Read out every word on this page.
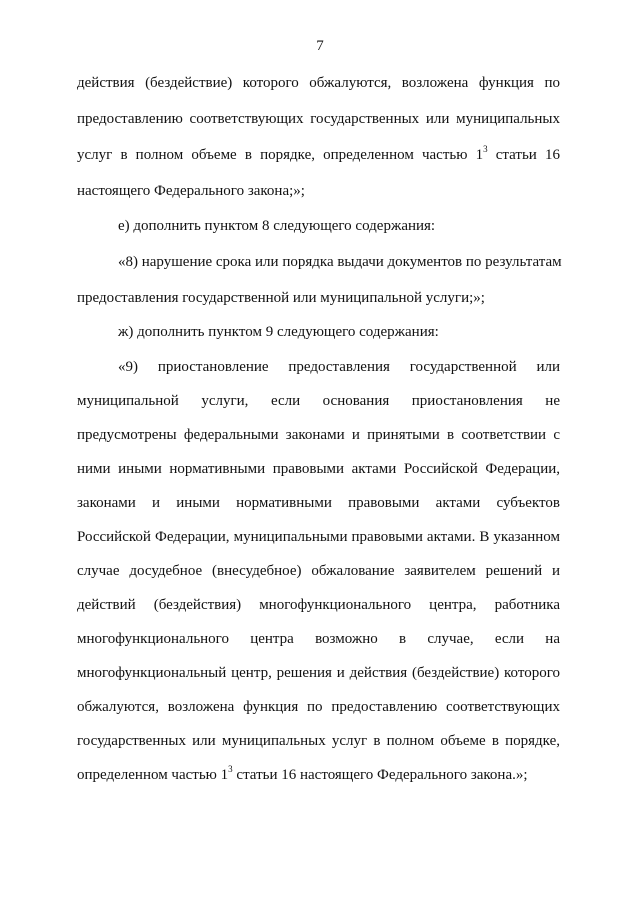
7
действия (бездействие) которого обжалуются, возложена функция по
предоставлению соответствующих государственных или муниципальных
услуг в полном объеме в порядке, определенном частью $1^3$ статьи 16
настоящего Федерального закона;»;
е) дополнить пунктом 8 следующего содержания:
«8) нарушение срока или порядка выдачи документов по результатам
предоставления государственной или муниципальной услуги;»;
ж) дополнить пунктом 9 следующего содержания:
«9) приостановление предоставления государственной или
муниципальной услуги, если основания приостановления не
предусмотрены федеральными законами и принятыми в соответствии с
ними иными нормативными правовыми актами Российской Федерации,
законами и иными нормативными правовыми актами субъектов
Российской Федерации, муниципальными правовыми актами. В указанном
случае досудебное (внесудебное) обжалование заявителем решений и
действий (бездействия) многофункционального центра, работника
многофункционального центра возможно в случае, если на
многофункциональный центр, решения и действия (бездействие) которого
обжалуются, возложена функция по предоставлению соответствующих
государственных или муниципальных услуг в полном объеме в порядке,
определенном частью $1^3$ статьи 16 настоящего Федерального закона.»;
